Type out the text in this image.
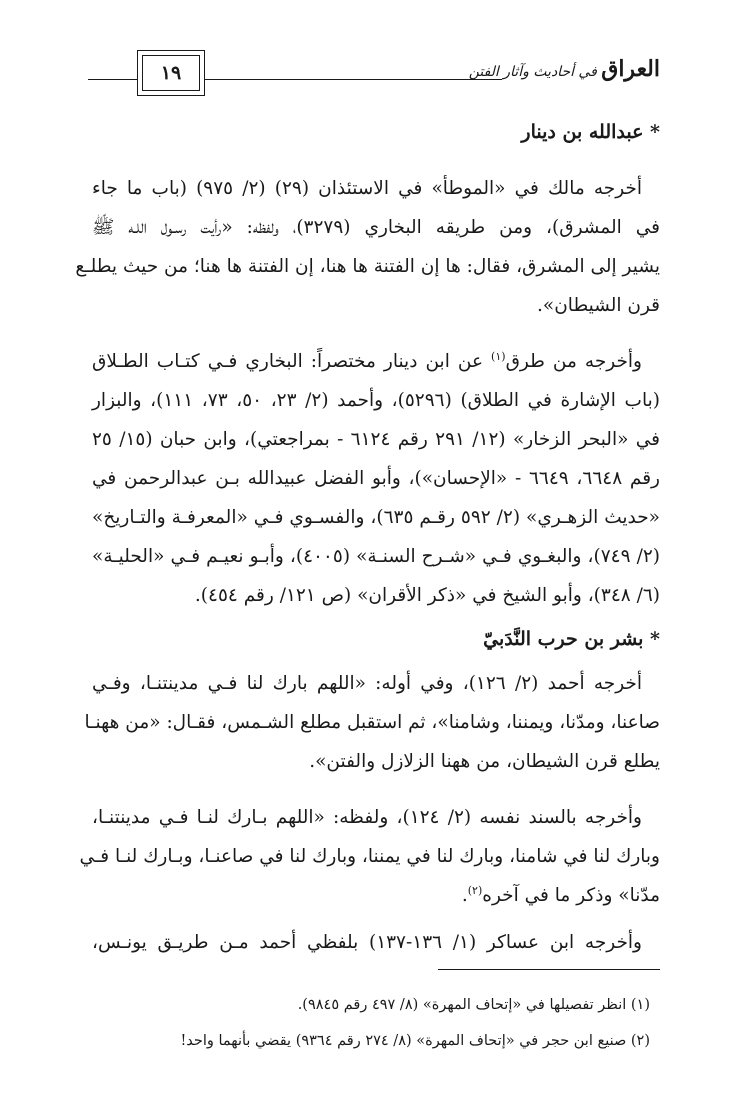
١٩	العراق في أحاديث وآثار الفتن
* عبدالله بن دينار
أخرجه مالك في «الموطأ» في الاستئذان (٢٩) (٢/ ٩٧٥) (باب ما جاء
في المشرق)، ومن طريقه البخاري (٣٢٧٩)، ولفظه: «رأيت رسـول اللـه ﷺ
يشير إلى المشرق، فقال: ها إن الفتنة ها هنا، إن الفتنة ها هنا؛ من حيث يطلـع
قرن الشيطان».
وأخرجه من طرق$^{(١)}$ عن ابن دينار مختصراً: البخاري فـي كتـاب الطـلاق
(باب الإشارة في الطلاق) (٥٢٩٦)، وأحمد (٢/ ٢٣، ٥٠، ٧٣، ١١١)، والبزار
في «البحر الزخار» (١٢/ ٢٩١ رقم ٦١٢٤ - بمراجعتي)، وابن حبان (١٥/ ٢٥
رقم ٦٦٤٨، ٦٦٤٩ - «الإحسان»)، وأبو الفضل عبيدالله بـن عبدالرحمن في
«حديث الزهـري» (٢/ ٥٩٢ رقـم ٦٣٥)، والفسـوي فـي «المعرفـة والتـاريخ»
(٢/ ٧٤٩)، والبغـوي فـي «شـرح السنـة» (٤٠٠٥)، وأبـو نعيـم فـي «الحليـة»
(٦/ ٣٤٨)، وأبو الشيخ في «ذكر الأقران» (ص ١٢١/ رقم ٤٥٤).
* بشر بن حرب النَّدَبيّ
أخرجه أحمد (٢/ ١٢٦)، وفي أوله: «اللهم بارك لنا فـي مدينتنـا، وفـي
صاعنا، ومدّنا، ويمننا، وشامنا»، ثم استقبل مطلع الشـمس، فقـال: «من ههنـا
يطلع قرن الشيطان، من ههنا الزلازل والفتن».
وأخرجه بالسند نفسه (٢/ ١٢٤)، ولفظه: «اللهم بـارك لنـا فـي مدينتنـا،
وبارك لنا في شامنا، وبارك لنا في يمننا، وبارك لنا في صاعنـا، وبـارك لنـا فـي
مدّنا» وذكر ما في آخره$^{(٢)}$.
وأخرجه ابن عساكر (١/ ١٣٦-١٣٧) بلفظي أحمد مـن طريـق يونـس،
(١) انظر تفصيلها في «إتحاف المهرة» (٨/ ٤٩٧ رقم ٩٨٤٥).
(٢) صنيع ابن حجر في «إتحاف المهرة» (٨/ ٢٧٤ رقم ٩٣٦٤) يقضي بأنهما واحد!
